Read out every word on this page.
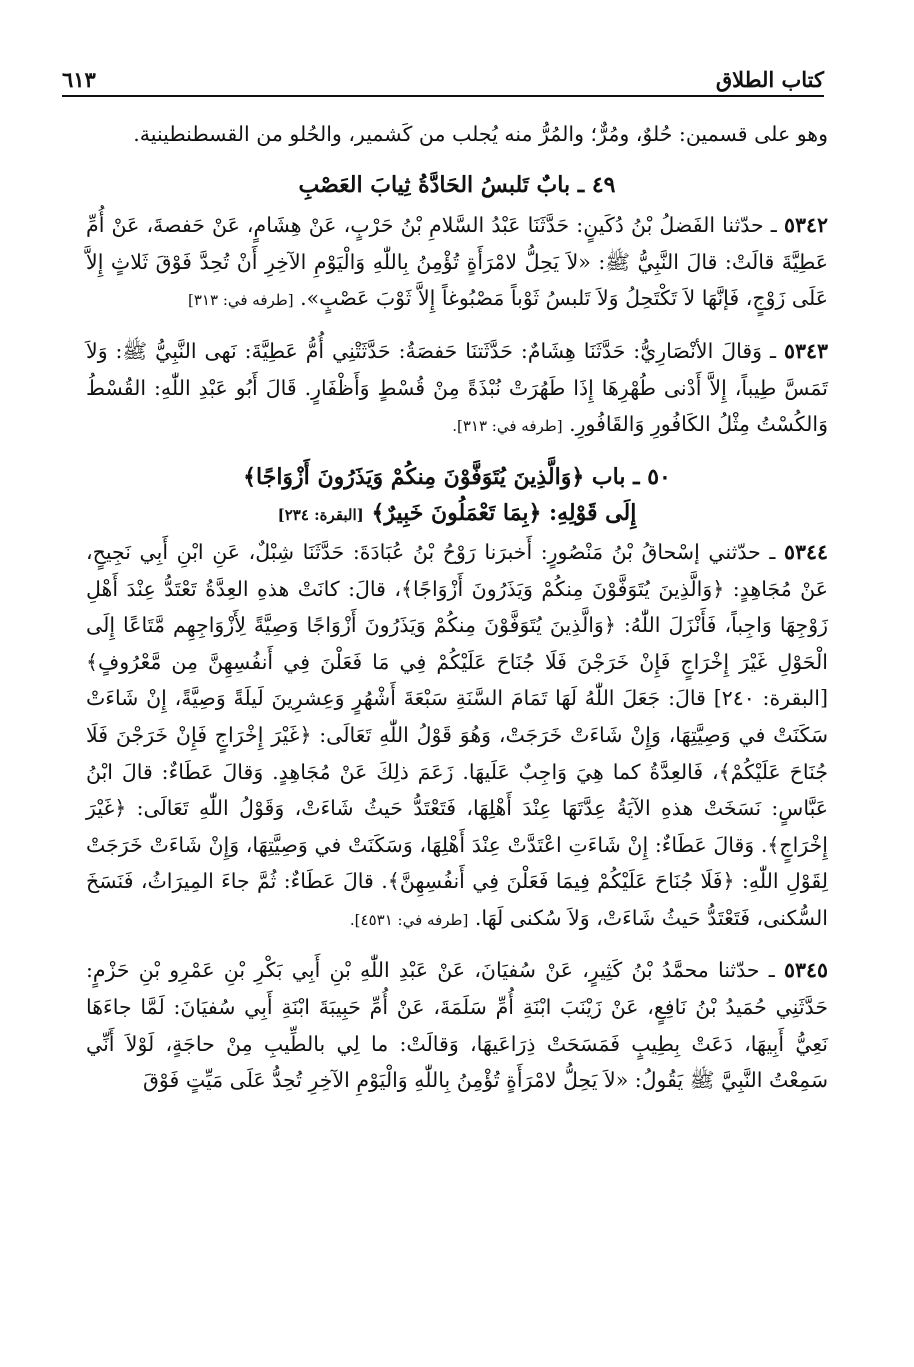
كتاب الطلاق
٦١٣

وهو على قسمين: حُلوٌ، ومُرٌّ؛ والمُرُّ منه يُجلب من كَشمير، والحُلو من القسطنطينية.

٤٩ ـ بابٌ تَلبسُ الحَادَّةُ ثِيابَ العَصْبِ

٥٣٤٢ ـ حدّثنا الفَضلُ بْنُ دُكَينٍ: حَدَّثَنَا عَبْدُ السَّلامِ بْنُ حَرْبٍ، عَنْ هِشَامٍ، عَنْ حَفصةَ، عَنْ أُمِّ عَطِيَّةَ قالَتْ: قالَ النَّبِيُّ ﷺ: «لاَ يَحِلُّ لامْرَأَةٍ تُؤْمِنُ بِاللّٰهِ وَالْيَوْمِ الآخِرِ أَنْ تُحِدَّ فَوْقَ ثَلاثٍ إِلاَّ عَلَى زَوْجٍ، فَإنَّهَا لاَ تَكْتَحِلُ وَلاَ تَلبسُ ثَوْباً مَصْبُوغاً إِلاَّ ثَوْبَ عَصْبٍ». [طرفه في: ٣١٣]

٥٣٤٣ ـ وَقالَ الأنْصَارِيُّ: حَدَّثَنَا هِشَامٌ: حَدَّثَتنَا حَفصَةُ: حَدَّثَتْنِي أُمُّ عَطِيَّةَ: نَهى النَّبِيُّ ﷺ: وَلاَ تَمَسَّ طِيباً، إِلاَّ أَدْنى طُهْرِهَا إِذَا طَهُرَتْ نُبْذَةً مِنْ قُسْطٍ وَأَظْفَارٍ. قَالَ أَبُو عَبْدِ اللّٰهِ: القُسْطُ وَالكُسْتُ مِثْلُ الكَافُورِ وَالقَافُورِ. [طرفه في: ٣١٣].

٥٠ ـ باب ﴿وَالَّذِينَ يُتَوَفَّوْنَ مِنكُمْ وَيَذَرُونَ أَزْوَاجًا﴾

إِلَى قَوْلِهِ: ﴿بِمَا تَعْمَلُونَ خَبِيرٌ﴾ [البقرة: ٢٣٤]

٥٣٤٤ ـ حدّثني إسْحاقُ بْنُ مَنْصُورٍ: أَخبرَنا رَوْحُ بْنُ عُبَادَةَ: حَدَّثَنَا شِبْلٌ، عَنِ ابْنِ أَبِي نَجِيحٍ، عَنْ مُجَاهِدٍ: ﴿وَالَّذِينَ يُتَوَفَّوْنَ مِنكُمْ وَيَذَرُونَ أَزْوَاجًا﴾، قالَ: كانَتْ هذهِ العِدَّةُ تَعْتَدُّ عِنْدَ أَهْلِ زَوْجِهَا وَاجِباً، فَأَنْزَلَ اللّٰهُ: ﴿وَالَّذِينَ يُتَوَفَّوْنَ مِنكُمْ وَيَذَرُونَ أَزْوَاجًا وَصِيَّةً لِأَزْوَاجِهِم مَّتَاعًا إِلَى الْحَوْلِ غَيْرَ إِخْرَاجٍ فَإِنْ خَرَجْنَ فَلَا جُنَاحَ عَلَيْكُمْ فِي مَا فَعَلْنَ فِي أَنفُسِهِنَّ مِن مَّعْرُوفٍ﴾ [البقرة: ٢٤٠] قالَ: جَعَلَ اللّٰهُ لَهَا تَمَامَ السَّنَةِ سَبْعَةَ أَشْهُرٍ وَعِشرِينَ لَيلَةً وَصِيَّةً، إِنْ شَاءَتْ سَكَنَتْ في وَصِيَّتِهَا، وَإِنْ شَاءَتْ خَرَجَتْ، وَهُوَ قَوْلُ اللّٰهِ تَعَالَى: ﴿غَيْرَ إِخْرَاجٍ فَإِنْ خَرَجْنَ فَلَا جُنَاحَ عَلَيْكُمْ﴾، فَالعِدَّةُ كما هِيَ وَاجِبٌ عَلَيهَا. زَعَمَ ذلِكَ عَنْ مُجَاهِدٍ. وَقالَ عَطَاءٌ: قالَ ابْنُ عَبَّاسٍ: نَسَخَتْ هذهِ الآيَةُ عِدَّتَهَا عِنْدَ أَهْلِهَا، فَتَعْتَدُّ حَيثُ شَاءَتْ، وَقَوْلُ اللّٰهِ تَعَالَى: ﴿غَيْرَ إِخْرَاجٍ﴾. وَقالَ عَطَاءٌ: إِنْ شَاءَتِ اعْتَدَّتْ عِنْدَ أَهْلِهَا، وَسَكَنَتْ في وَصِيَّتِهَا، وَإِنْ شَاءَتْ خَرَجَتْ لِقَوْلِ اللّٰهِ: ﴿فَلَا جُنَاحَ عَلَيْكُمْ فِيمَا فَعَلْنَ فِي أَنفُسِهِنَّ﴾. قالَ عَطَاءٌ: ثُمَّ جاءَ المِيرَاثُ، فَنَسَخَ السُّكنى، فَتَعْتَدُّ حَيثُ شَاءَتْ، وَلاَ سُكنى لَهَا. [طرفه في: ٤٥٣١].

٥٣٤٥ ـ حدّثنا محمَّدُ بْنُ كَثِيرٍ، عَنْ سُفيَانَ، عَنْ عَبْدِ اللّٰهِ بْنِ أَبِي بَكْرِ بْنِ عَمْرِو بْنِ حَزْمٍ: حَدَّثَنِي حُمَيدُ بْنُ نَافِعٍ، عَنْ زَيْنَبَ ابْنَةِ أُمِّ سَلَمَةَ، عَنْ أُمِّ حَبِيبَةَ ابْنَةِ أَبِي سُفيَانَ: لَمَّا جاءَهَا نَعِيُّ أَبِيهَا، دَعَتْ بِطِيبٍ فَمَسَحَتْ ذِرَاعَيهَا، وَقالَتْ: ما لِي بالطِّيبِ مِنْ حاجَةٍ، لَوْلاَ أَنِّي سَمِعْتُ النَّبِيَّ ﷺ يَقُولُ: «لاَ يَحِلُّ لامْرَأَةٍ تُؤْمِنُ بِاللّٰهِ وَالْيَوْمِ الآخِرِ تُحِدُّ عَلَى مَيِّتٍ فَوْقَ
